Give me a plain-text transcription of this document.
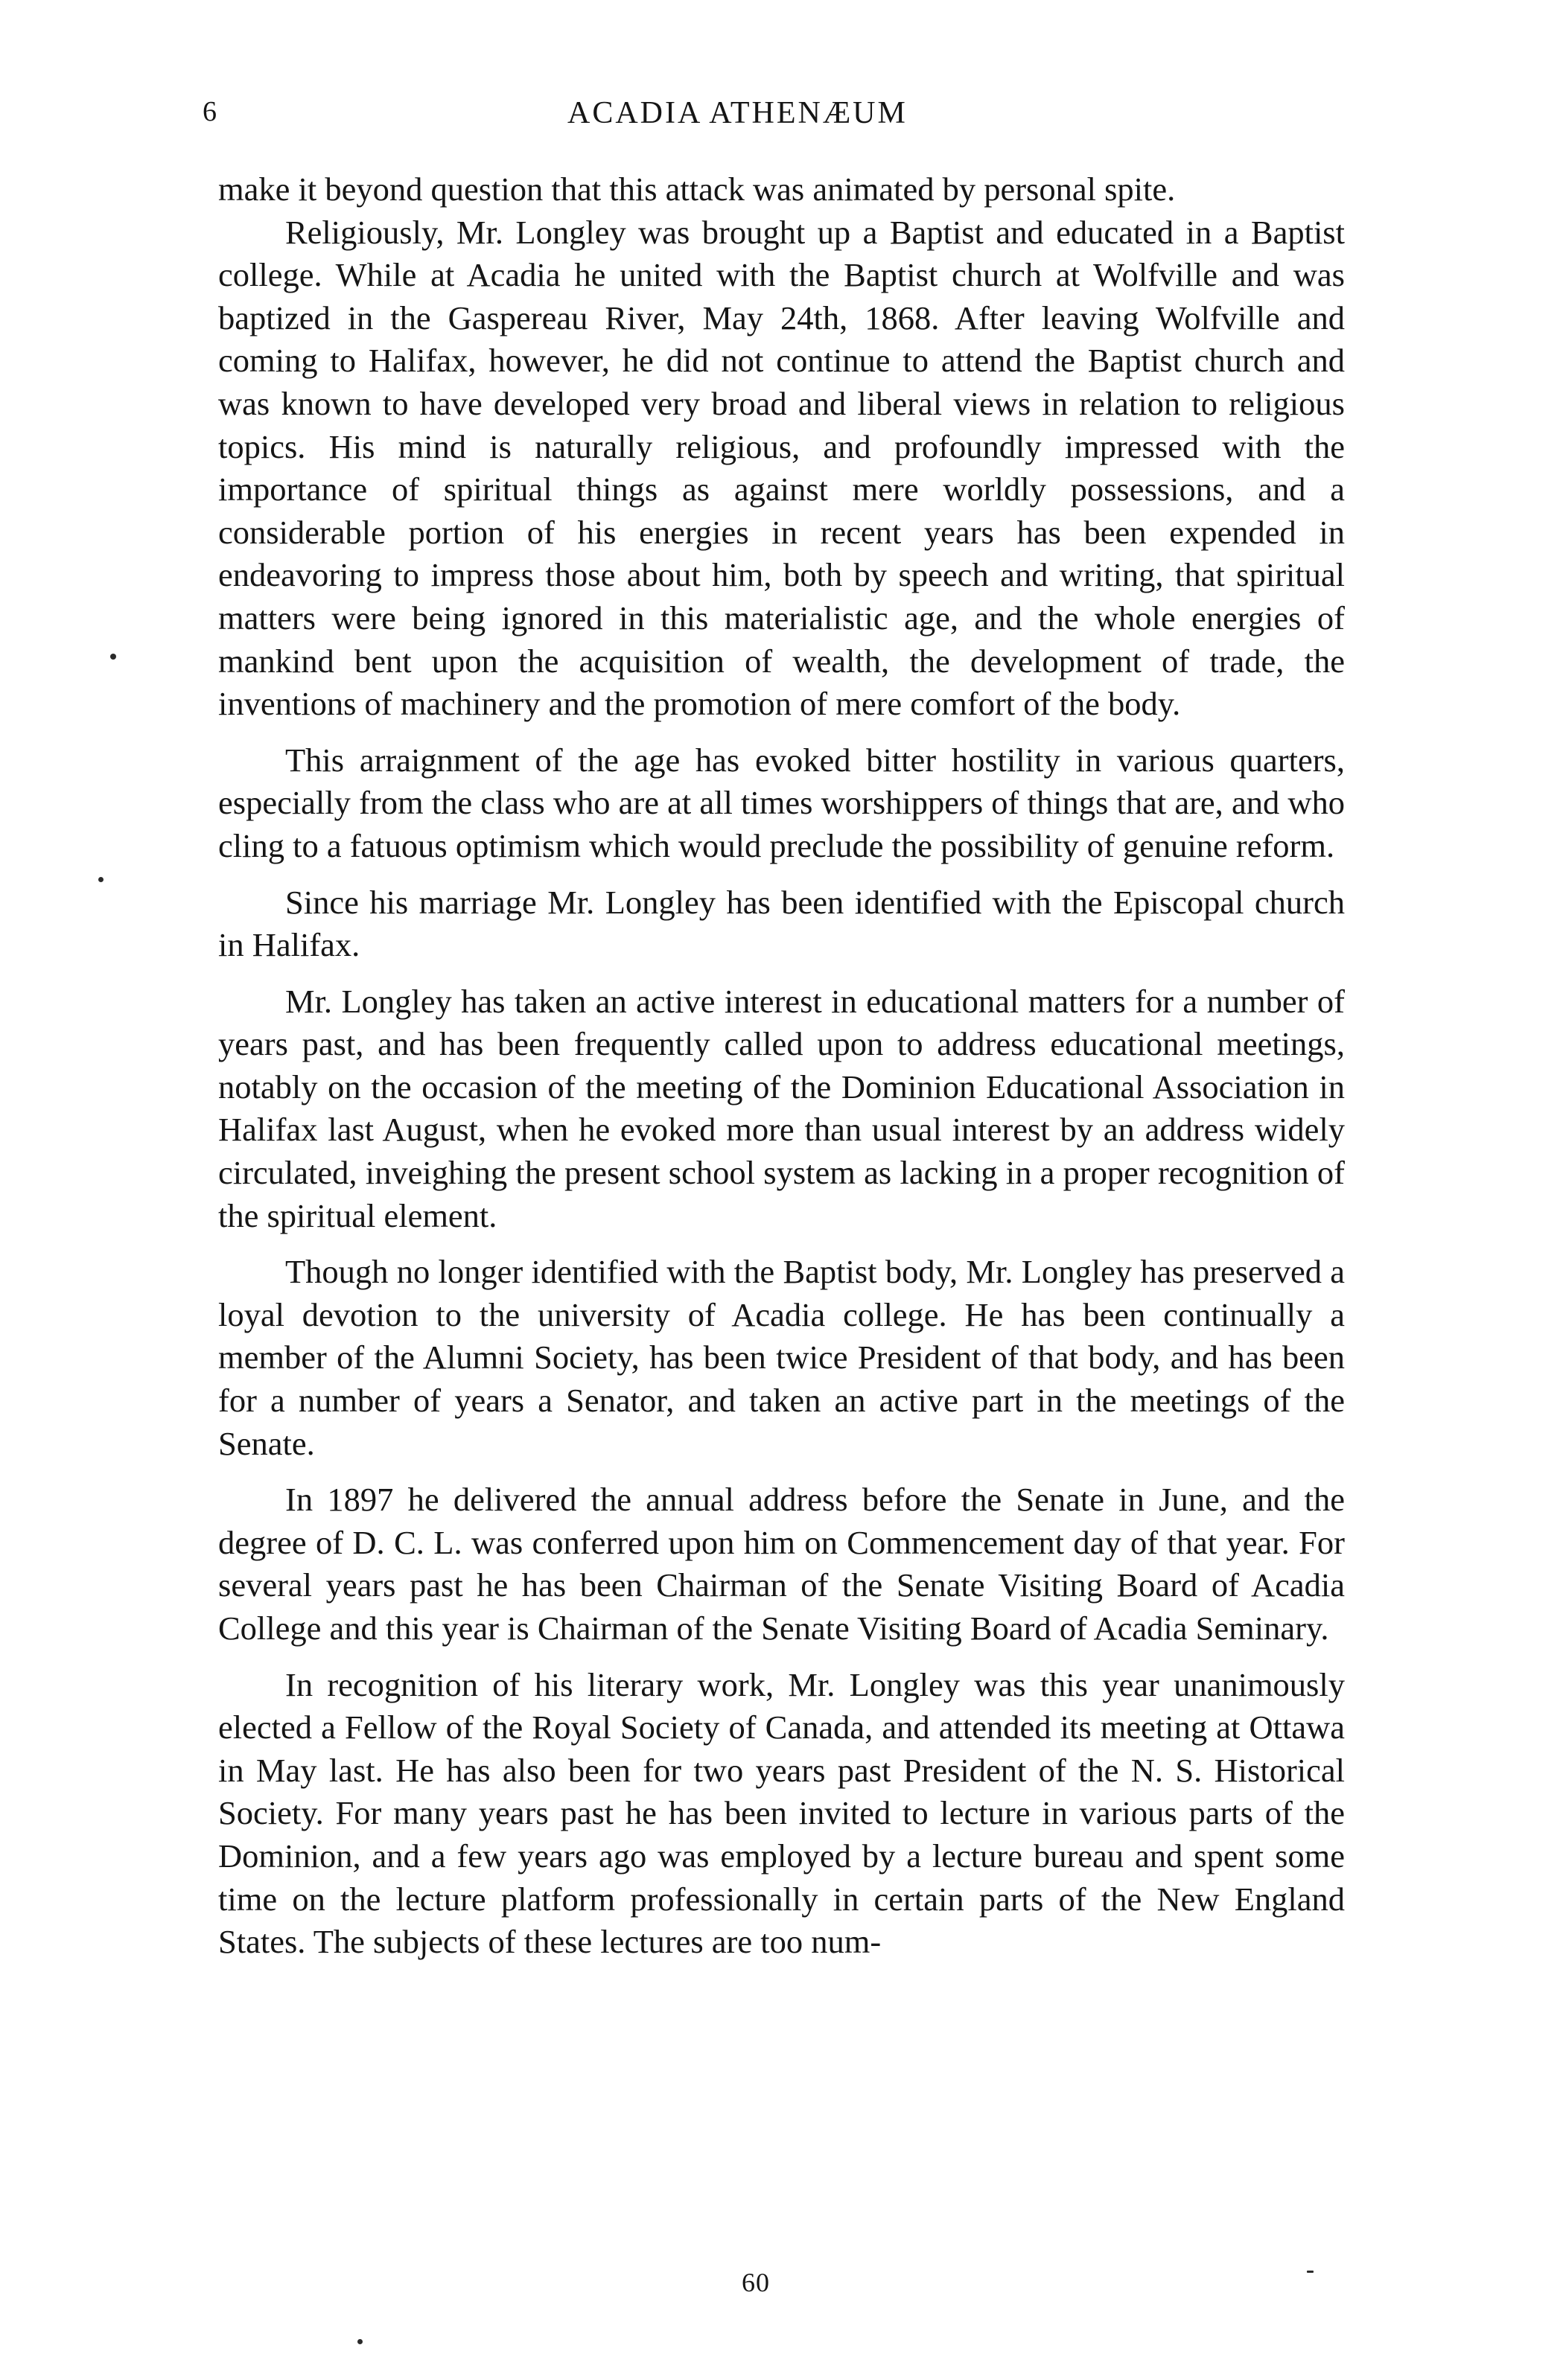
6	ACADIA ATHENÆUM

make it beyond question that this attack was animated by personal spite.

Religiously, Mr. Longley was brought up a Baptist and educated in a Baptist college. While at Acadia he united with the Baptist church at Wolfville and was baptized in the Gaspereau River, May 24th, 1868. After leaving Wolfville and coming to Halifax, however, he did not continue to attend the Baptist church and was known to have developed very broad and liberal views in relation to religious topics. His mind is naturally religious, and profoundly impressed with the importance of spiritual things as against mere worldly possessions, and a considerable portion of his energies in recent years has been expended in endeavoring to impress those about him, both by speech and writing, that spiritual matters were being ignored in this materialistic age, and the whole energies of mankind bent upon the acquisition of wealth, the development of trade, the inventions of machinery and the promotion of mere comfort of the body.

This arraignment of the age has evoked bitter hostility in various quarters, especially from the class who are at all times worshippers of things that are, and who cling to a fatuous optimism which would preclude the possibility of genuine reform.

Since his marriage Mr. Longley has been identified with the Episcopal church in Halifax.

Mr. Longley has taken an active interest in educational matters for a number of years past, and has been frequently called upon to address educational meetings, notably on the occasion of the meeting of the Dominion Educational Association in Halifax last August, when he evoked more than usual interest by an address widely circulated, inveighing the present school system as lacking in a proper recognition of the spiritual element.

Though no longer identified with the Baptist body, Mr. Longley has preserved a loyal devotion to the university of Acadia college. He has been continually a member of the Alumni Society, has been twice President of that body, and has been for a number of years a Senator, and taken an active part in the meetings of the Senate.

In 1897 he delivered the annual address before the Senate in June, and the degree of D. C. L. was conferred upon him on Commencement day of that year. For several years past he has been Chairman of the Senate Visiting Board of Acadia College and this year is Chairman of the Senate Visiting Board of Acadia Seminary.

In recognition of his literary work, Mr. Longley was this year unanimously elected a Fellow of the Royal Society of Canada, and attended its meeting at Ottawa in May last. He has also been for two years past President of the N. S. Historical Society. For many years past he has been invited to lecture in various parts of the Dominion, and a few years ago was employed by a lecture bureau and spent some time on the lecture platform professionally in certain parts of the New England States. The subjects of these lectures are too num-

60
